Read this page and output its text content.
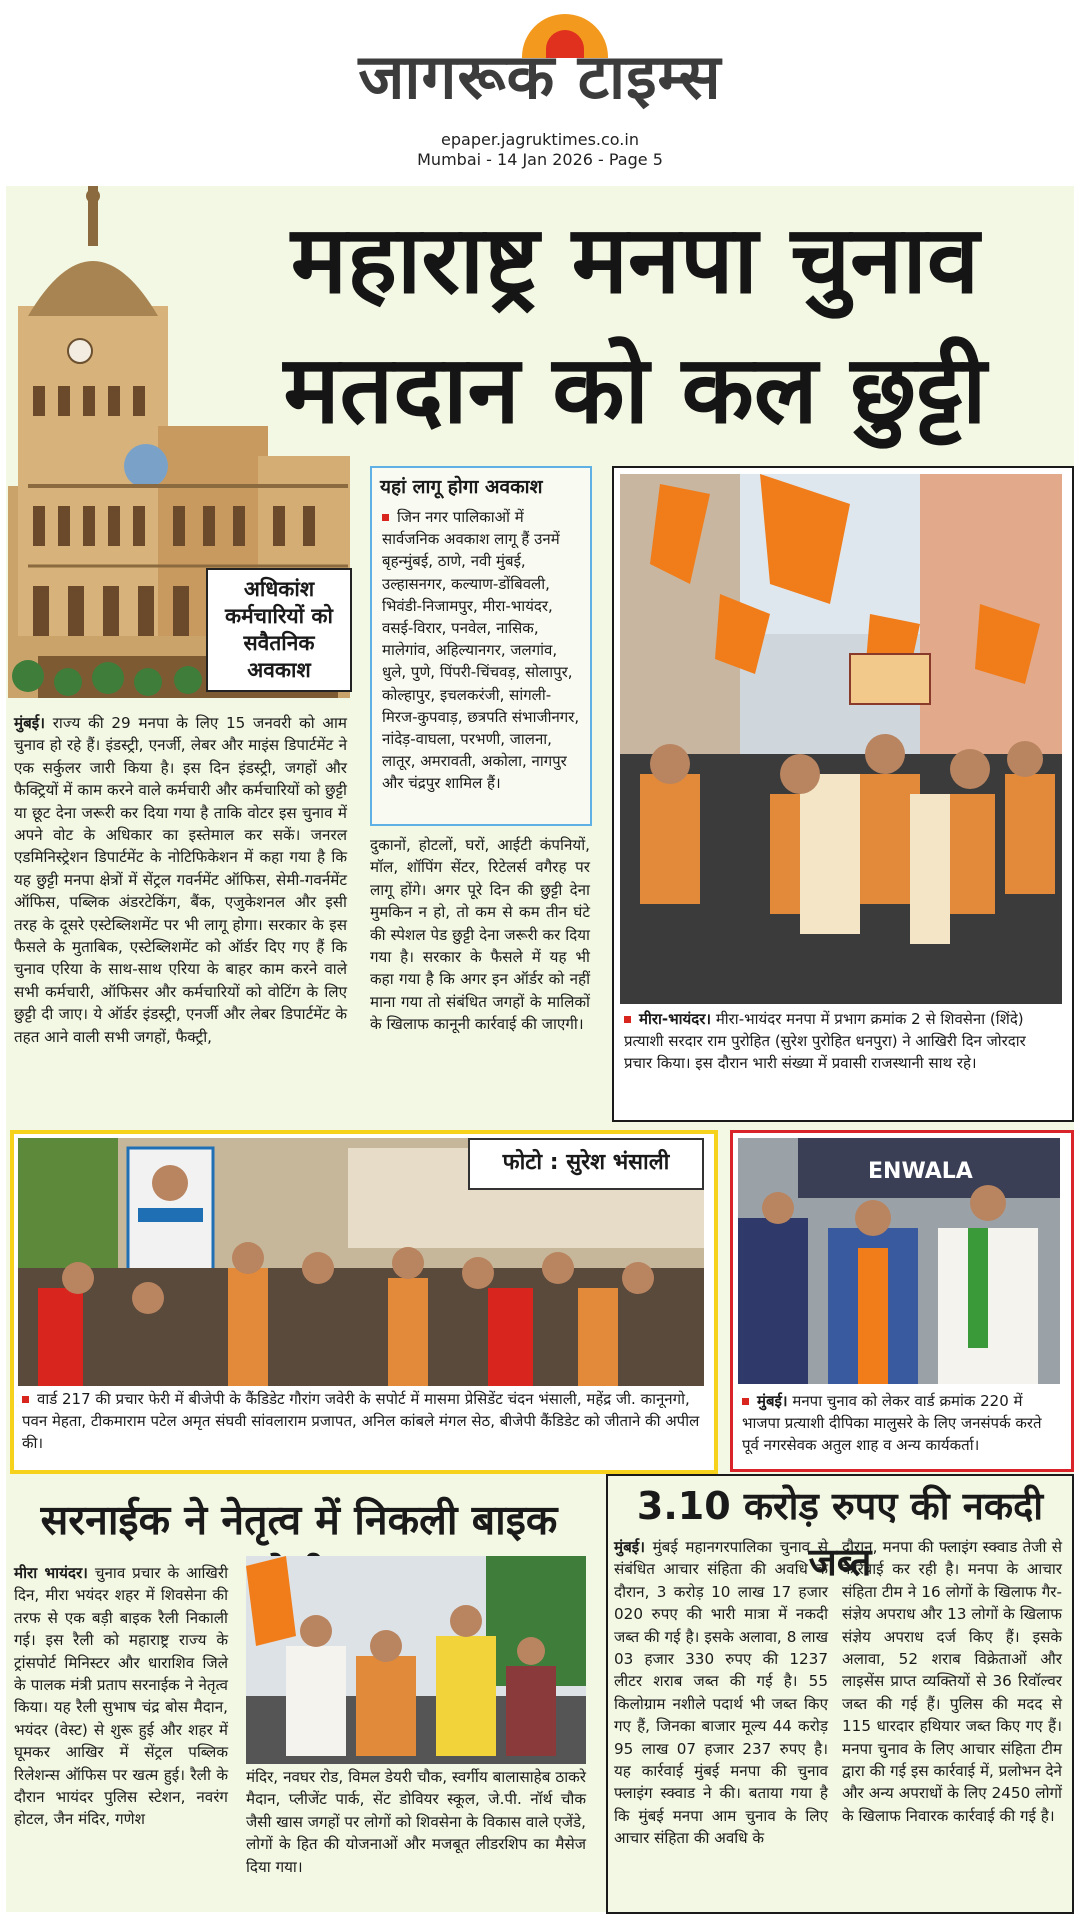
जागरूक टाइम्स
epaper.jagruktimes.co.in
Mumbai - 14 Jan 2026 - Page 5
अधिकांश कर्मचारियों को सवैतनिक अवकाश
महाराष्ट्र मनपा चुनाव
मतदान को कल छुट्टी
मुंबई। राज्य की 29 मनपा के लिए 15 जनवरी को आम चुनाव हो रहे हैं। इंडस्ट्री, एनर्जी, लेबर और माइंस डिपार्टमेंट ने एक सर्कुलर जारी किया है। इस दिन इंडस्ट्री, जगहों और फैक्ट्रियों में काम करने वाले कर्मचारी और कर्मचारियों को छुट्टी या छूट देना जरूरी कर दिया गया है ताकि वोटर इस चुनाव में अपने वोट के अधिकार का इस्तेमाल कर सकें। जनरल एडमिनिस्ट्रेशन डिपार्टमेंट के नोटिफिकेशन में कहा गया है कि यह छुट्टी मनपा क्षेत्रों में सेंट्रल गवर्नमेंट ऑफिस, सेमी-गवर्नमेंट ऑफिस, पब्लिक अंडरटेकिंग, बैंक, एजुकेशनल और इसी तरह के दूसरे एस्टेब्लिशमेंट पर भी लागू होगा। सरकार के इस फैसले के मुताबिक, एस्टेब्लिशमेंट को ऑर्डर दिए गए हैं कि चुनाव एरिया के साथ-साथ एरिया के बाहर काम करने वाले सभी कर्मचारी, ऑफिसर और कर्मचारियों को वोटिंग के लिए छुट्टी दी जाए। ये ऑर्डर इंडस्ट्री, एनर्जी और लेबर डिपार्टमेंट के तहत आने वाली सभी जगहों, फैक्ट्री,
यहां लागू होगा अवकाश

जिन नगर पालिकाओं में सार्वजनिक अवकाश लागू हैं उनमें बृहन्मुंबई, ठाणे, नवी मुंबई, उल्हासनगर, कल्याण-डोंबिवली, भिवंडी-निजामपुर, मीरा-भायंदर, वसई-विरार, पनवेल, नासिक, मालेगांव, अहिल्यानगर, जलगांव, धुले, पुणे, पिंपरी-चिंचवड़, सोलापुर, कोल्हापुर, इचलकरंजी, सांगली-मिरज-कुपवाड़, छत्रपति संभाजीनगर, नांदेड़-वाघला, परभणी, जालना, लातूर, अमरावती, अकोला, नागपुर और चंद्रपुर शामिल हैं।

दुकानों, होटलों, घरों, आईटी कंपनियों, मॉल, शॉपिंग सेंटर, रिटेलर्स वगैरह पर लागू होंगे। अगर पूरे दिन की छुट्टी देना मुमकिन न हो, तो कम से कम तीन घंटे की स्पेशल पेड छुट्टी देना जरूरी कर दिया गया है। सरकार के फैसले में यह भी कहा गया है कि अगर इन ऑर्डर को नहीं माना गया तो संबंधित जगहों के मालिकों के खिलाफ कानूनी कार्रवाई की जाएगी।	मीरा-भायंदर। मीरा-भायंदर मनपा में प्रभाग क्रमांक 2 से शिवसेना (शिंदे) प्रत्याशी सरदार राम पुरोहित (सुरेश पुरोहित धनपुरा) ने आखिरी दिन जोरदार प्रचार किया। इस दौरान भारी संख्या में प्रवासी राजस्थानी साथ रहे।
फोटो : सुरेश भंसाली
वार्ड 217 की प्रचार फेरी में बीजेपी के कैंडिडेट गौरांग जवेरी के सपोर्ट में मासमा प्रेसिडेंट चंदन भंसाली, महेंद्र जी. कानूनगो, पवन मेहता, टीकमाराम पटेल अमृत संघवी सांवलाराम प्रजापत, अनिल कांबले मंगल सेठ, बीजेपी कैंडिडेट को जीताने की अपील की।
ENWALA
मुंबई। मनपा चुनाव को लेकर वार्ड क्रमांक 220 में भाजपा प्रत्याशी दीपिका मालुसरे के लिए जनसंपर्क करते पूर्व नगरसेवक अतुल शाह व अन्य कार्यकर्ता।
सरनाईक ने नेतृत्व में निकली बाइक
मीरा भायंदर। चुनाव प्रचार के आखिरी दिन, मीरा भयंदर शहर में शिवसेना की तरफ से एक बड़ी बाइक रैली निकाली गई। इस रैली को महाराष्ट्र राज्य के ट्रांसपोर्ट मिनिस्टर और धाराशिव जिले के पालक मंत्री प्रताप सरनाईक ने नेतृत्व किया। यह रैली सुभाष चंद्र बोस मैदान, भयंदर (वेस्ट) से शुरू हुई और शहर में घूमकर आखिर में सेंट्रल पब्लिक रिलेशन्स ऑफिस पर खत्म हुई। रैली के दौरान भायंदर पुलिस स्टेशन, नवरंग होटल, जैन मंदिर, गणेश
मंदिर, नवघर रोड, विमल डेयरी चौक, स्वर्गीय बालासाहेब ठाकरे मैदान, प्लीजेंट पार्क, सेंट डोवियर स्कूल, जे.पी. नॉर्थ चौक जैसी खास जगहों पर लोगों को शिवसेना के विकास वाले एजेंडे, लोगों के हित की योजनाओं और मजबूत लीडरशिप का मैसेज दिया गया।
3.10 करोड़ रुपए की नकदी जब्त
मुंबई। मुंबई महानगरपालिका चुनाव से संबंधित आचार संहिता की अवधि के दौरान, 3 करोड़ 10 लाख 17 हजार 020 रुपए की भारी मात्रा में नकदी जब्त की गई है। इसके अलावा, 8 लाख 03 हजार 330 रुपए की 1237 लीटर शराब जब्त की गई है। 55 किलोग्राम नशीले पदार्थ भी जब्त किए गए हैं, जिनका बाजार मूल्य 44 करोड़ 95 लाख 07 हजार 237 रुपए है। यह कार्रवाई मुंबई मनपा की चुनाव फ्लाइंग स्क्वाड ने की। बताया गया है कि मुंबई मनपा आम चुनाव के लिए आचार संहिता की अवधि के
दौरान, मनपा की फ्लाइंग स्क्वाड तेजी से कार्रवाई कर रही है। मनपा के आचार संहिता टीम ने 16 लोगों के खिलाफ गैर-संज्ञेय अपराध और 13 लोगों के खिलाफ संज्ञेय अपराध दर्ज किए हैं। इसके अलावा, 52 शराब विक्रेताओं और लाइसेंस प्राप्त व्यक्तियों से 36 रिवॉल्वर जब्त की गई हैं। पुलिस की मदद से 115 धारदार हथियार जब्त किए गए हैं। मनपा चुनाव के लिए आचार संहिता टीम द्वारा की गई इस कार्रवाई में, प्रलोभन देने और अन्य अपराधों के लिए 2450 लोगों के खिलाफ निवारक कार्रवाई की गई है।
